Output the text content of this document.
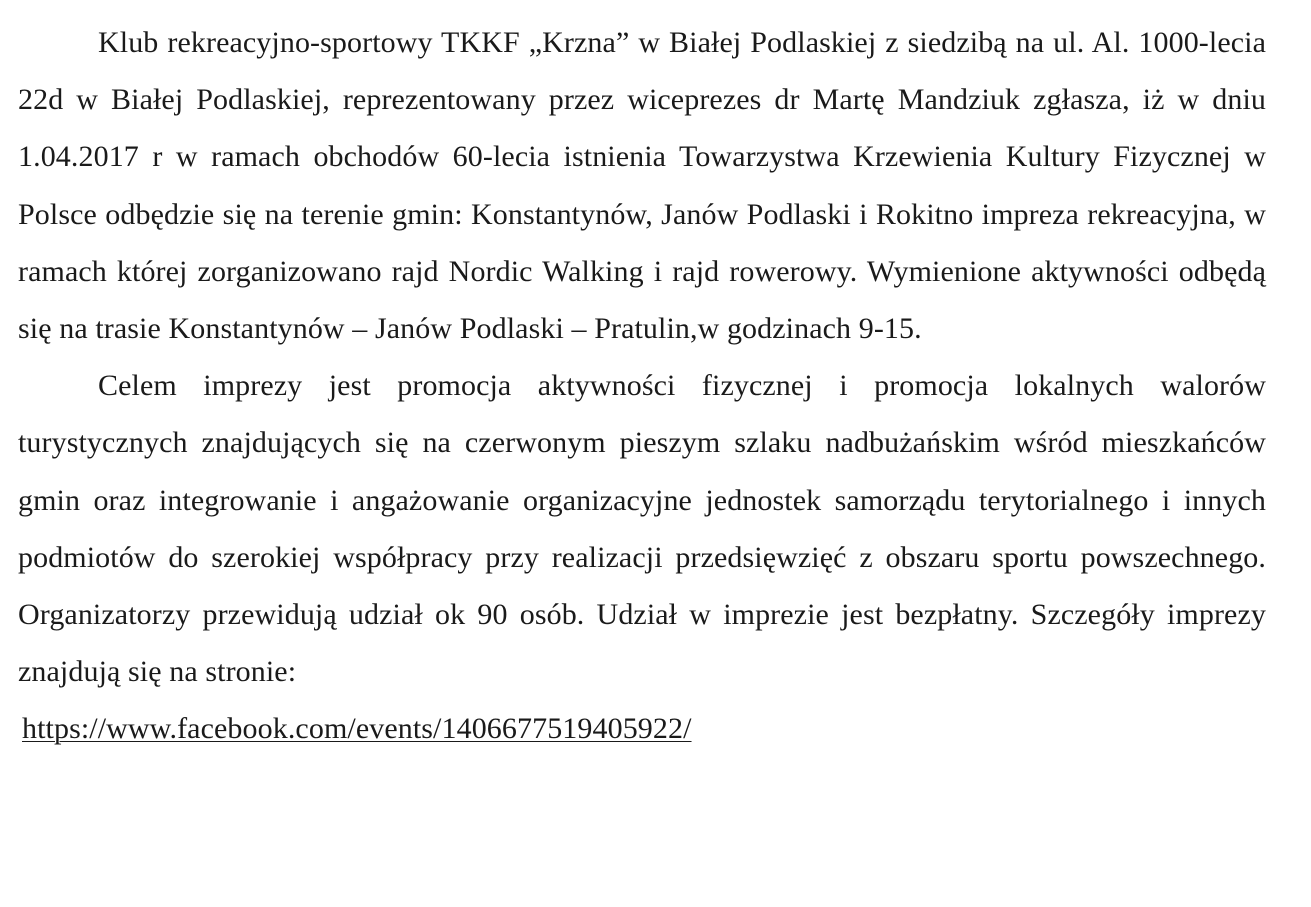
Klub rekreacyjno-sportowy TKKF „Krzna” w Białej Podlaskiej z siedzibą na ul. Al. 1000-lecia 22d w Białej Podlaskiej, reprezentowany przez wiceprezes dr Martę Mandziuk zgłasza, iż w dniu 1.04.2017 r w ramach obchodów 60-lecia istnienia Towarzystwa Krzewienia Kultury Fizycznej w Polsce odbędzie się na terenie gmin: Konstantynów, Janów Podlaski i Rokitno impreza rekreacyjna, w ramach której zorganizowano rajd Nordic Walking i rajd rowerowy. Wymienione aktywności odbędą się na trasie Konstantynów – Janów Podlaski – Pratulin,w godzinach 9-15.

Celem imprezy jest promocja aktywności fizycznej i promocja lokalnych walorów turystycznych znajdujących się na czerwonym pieszym szlaku nadbużańskim wśród mieszkańców gmin oraz integrowanie i angażowanie organizacyjne jednostek samorządu terytorialnego i innych podmiotów do szerokiej współpracy przy realizacji przedsięwzięć z obszaru sportu powszechnego. Organizatorzy przewidują udział ok 90 osób. Udział w imprezie jest bezpłatny. Szczegóły imprezy znajdują się na stronie:

https://www.facebook.com/events/1406677519405922/
